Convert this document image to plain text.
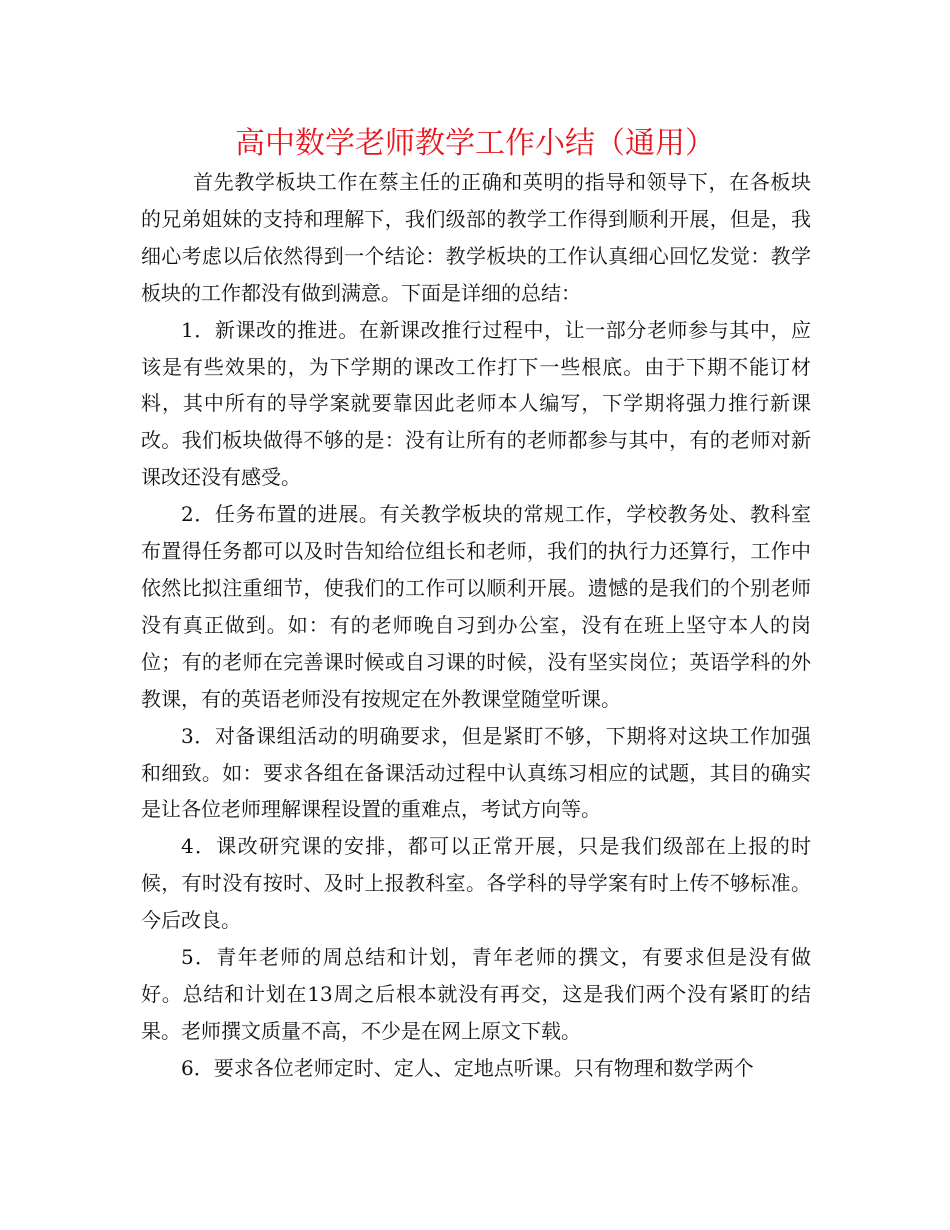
高中数学老师教学工作小结（通用）

首先教学板块工作在蔡主任的正确和英明的指导和领导下，在各板块的兄弟姐妹的支持和理解下，我们级部的教学工作得到顺利开展，但是，我细心考虑以后依然得到一个结论：教学板块的工作认真细心回忆发觉：教学板块的工作都没有做到满意。下面是详细的总结：

1．新课改的推进。在新课改推行过程中，让一部分老师参与其中，应该是有些效果的，为下学期的课改工作打下一些根底。由于下期不能订材料，其中所有的导学案就要靠因此老师本人编写，下学期将强力推行新课改。我们板块做得不够的是：没有让所有的老师都参与其中，有的老师对新课改还没有感受。

2．任务布置的进展。有关教学板块的常规工作，学校教务处、教科室布置得任务都可以及时告知给位组长和老师，我们的执行力还算行，工作中依然比拟注重细节，使我们的工作可以顺利开展。遗憾的是我们的个别老师没有真正做到。如：有的老师晚自习到办公室，没有在班上坚守本人的岗位；有的老师在完善课时候或自习课的时候，没有坚实岗位；英语学科的外教课，有的英语老师没有按规定在外教课堂随堂听课。

3．对备课组活动的明确要求，但是紧盯不够，下期将对这块工作加强和细致。如：要求各组在备课活动过程中认真练习相应的试题，其目的确实是让各位老师理解课程设置的重难点，考试方向等。

4．课改研究课的安排，都可以正常开展，只是我们级部在上报的时候，有时没有按时、及时上报教科室。各学科的导学案有时上传不够标准。今后改良。

5．青年老师的周总结和计划，青年老师的撰文，有要求但是没有做好。总结和计划在13周之后根本就没有再交，这是我们两个没有紧盯的结果。老师撰文质量不高，不少是在网上原文下载。

6．要求各位老师定时、定人、定地点听课。只有物理和数学两个
